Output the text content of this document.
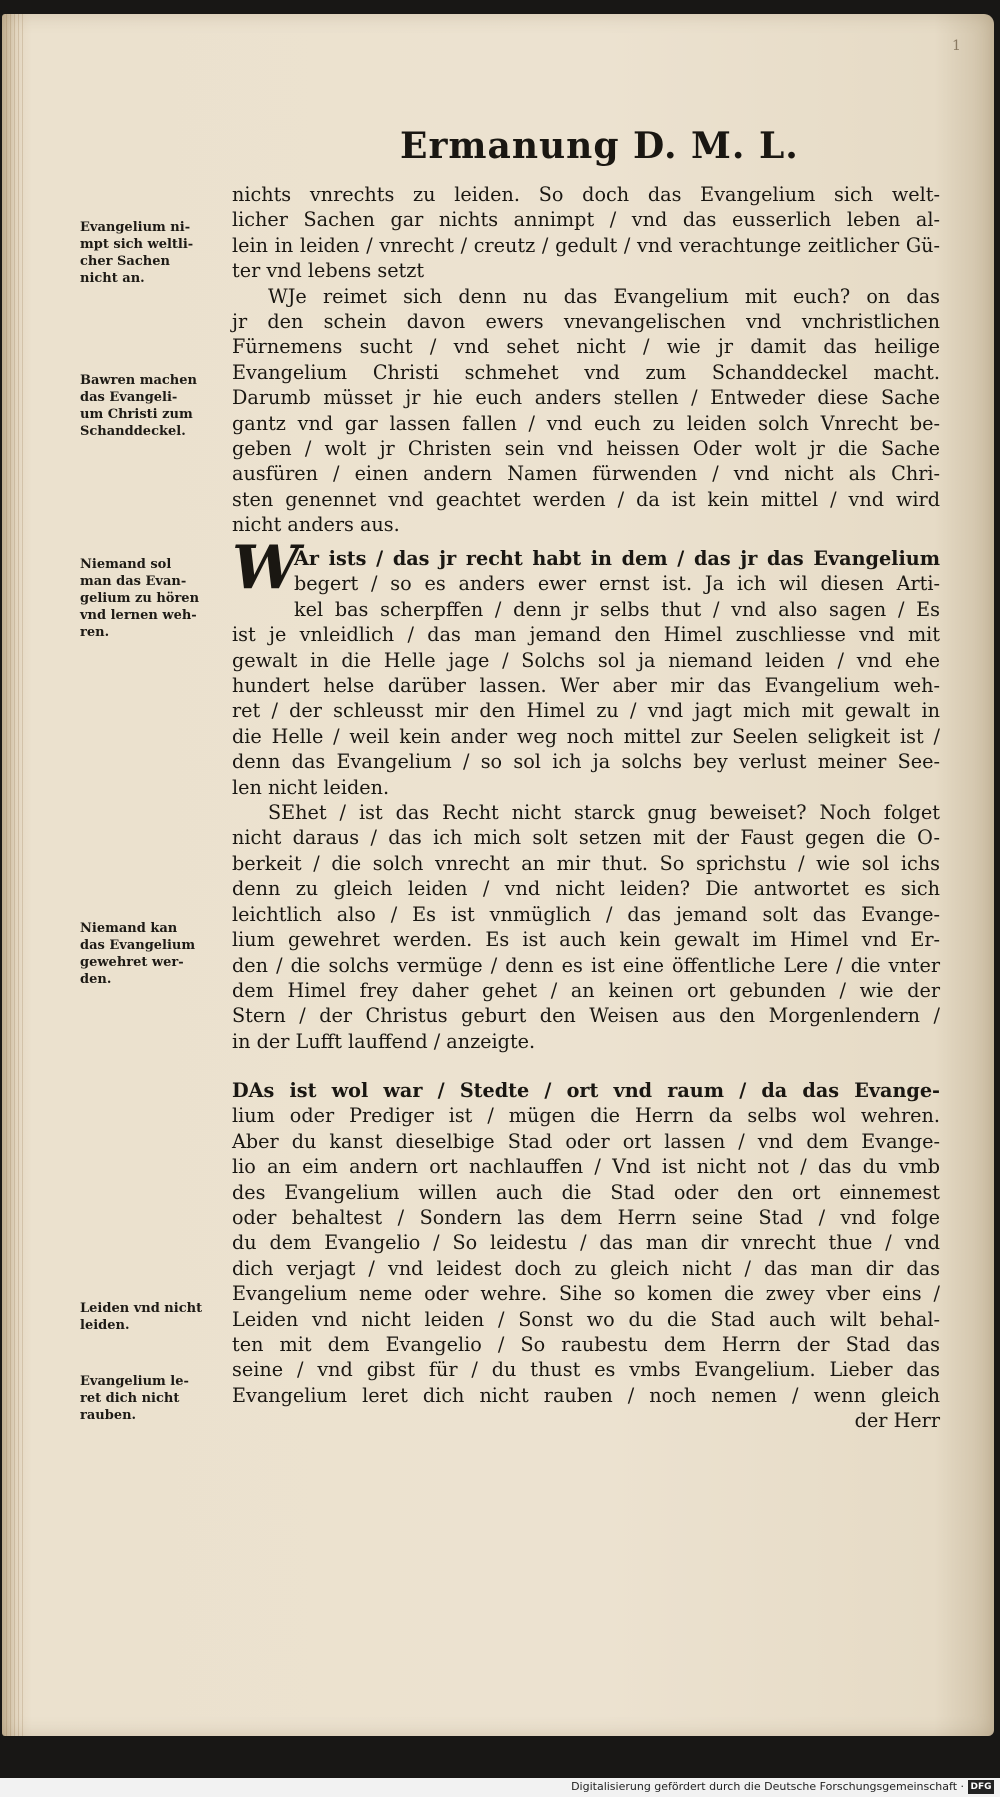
1
Ermanung D. M. L.
Evangelium ni-
mpt sich weltli-
cher Sachen
nicht an.
Bawren machen
das Evangeli-
um Christi zum
Schanddeckel.
Niemand sol
man das Evan-
gelium zu hören
vnd lernen weh-
ren.
Niemand kan
das Evangelium
gewehret wer-
den.
Leiden vnd nicht
leiden.
Evangelium le-
ret dich nicht
rauben.
nichts vnrechts zu leiden. So doch das Evangelium sich welt-
licher Sachen gar nichts annimpt / vnd das eusserlich leben al-
lein in leiden / vnrecht / creutz / gedult / vnd verachtunge zeitlicher Gü-
ter vnd lebens setzt
WJe reimet sich denn nu das Evangelium mit euch? on das
jr den schein davon ewers vnevangelischen vnd vnchristlichen
Fürnemens sucht / vnd sehet nicht / wie jr damit das heilige
Evangelium Christi schmehet vnd zum Schanddeckel macht.
Darumb müsset jr hie euch anders stellen / Entweder diese Sache
gantz vnd gar lassen fallen / vnd euch zu leiden solch Vnrecht be-
geben / wolt jr Christen sein vnd heissen Oder wolt jr die Sache
ausfüren / einen andern Namen fürwenden / vnd nicht als Chri-
sten genennet vnd geachtet werden / da ist kein mittel / vnd wird
nicht anders aus.
W
Ar ists / das jr recht habt in dem / das jr das Evangelium
begert / so es anders ewer ernst ist. Ja ich wil diesen Arti-
kel bas scherpffen / denn jr selbs thut / vnd also sagen / Es
ist je vnleidlich / das man jemand den Himel zuschliesse vnd mit
gewalt in die Helle jage / Solchs sol ja niemand leiden / vnd ehe
hundert helse darüber lassen. Wer aber mir das Evangelium weh-
ret / der schleusst mir den Himel zu / vnd jagt mich mit gewalt in
die Helle / weil kein ander weg noch mittel zur Seelen seligkeit ist /
denn das Evangelium / so sol ich ja solchs bey verlust meiner See-
len nicht leiden.
SEhet / ist das Recht nicht starck gnug beweiset? Noch folget
nicht daraus / das ich mich solt setzen mit der Faust gegen die O-
berkeit / die solch vnrecht an mir thut. So sprichstu / wie sol ichs
denn zu gleich leiden / vnd nicht leiden? Die antwortet es sich
leichtlich also / Es ist vnmüglich / das jemand solt das Evange-
lium gewehret werden. Es ist auch kein gewalt im Himel vnd Er-
den / die solchs vermüge / denn es ist eine öffentliche Lere / die vnter
dem Himel frey daher gehet / an keinen ort gebunden / wie der
Stern / der Christus geburt den Weisen aus den Morgenlendern /
in der Lufft lauffend / anzeigte.
DAs ist wol war / Stedte / ort vnd raum / da das Evange-
lium oder Prediger ist / mügen die Herrn da selbs wol wehren.
Aber du kanst dieselbige Stad oder ort lassen / vnd dem Evange-
lio an eim andern ort nachlauffen / Vnd ist nicht not / das du vmb
des Evangelium willen auch die Stad oder den ort einnemest
oder behaltest / Sondern las dem Herrn seine Stad / vnd folge
du dem Evangelio / So leidestu / das man dir vnrecht thue / vnd
dich verjagt / vnd leidest doch zu gleich nicht / das man dir das
Evangelium neme oder wehre. Sihe so komen die zwey vber eins /
Leiden vnd nicht leiden / Sonst wo du die Stad auch wilt behal-
ten mit dem Evangelio / So raubestu dem Herrn der Stad das
seine / vnd gibst für / du thust es vmbs Evangelium. Lieber das
Evangelium leret dich nicht rauben / noch nemen / wenn gleich
der Herr
Digitalisierung gefördert durch die Deutsche Forschungsgemeinschaft · DFG
